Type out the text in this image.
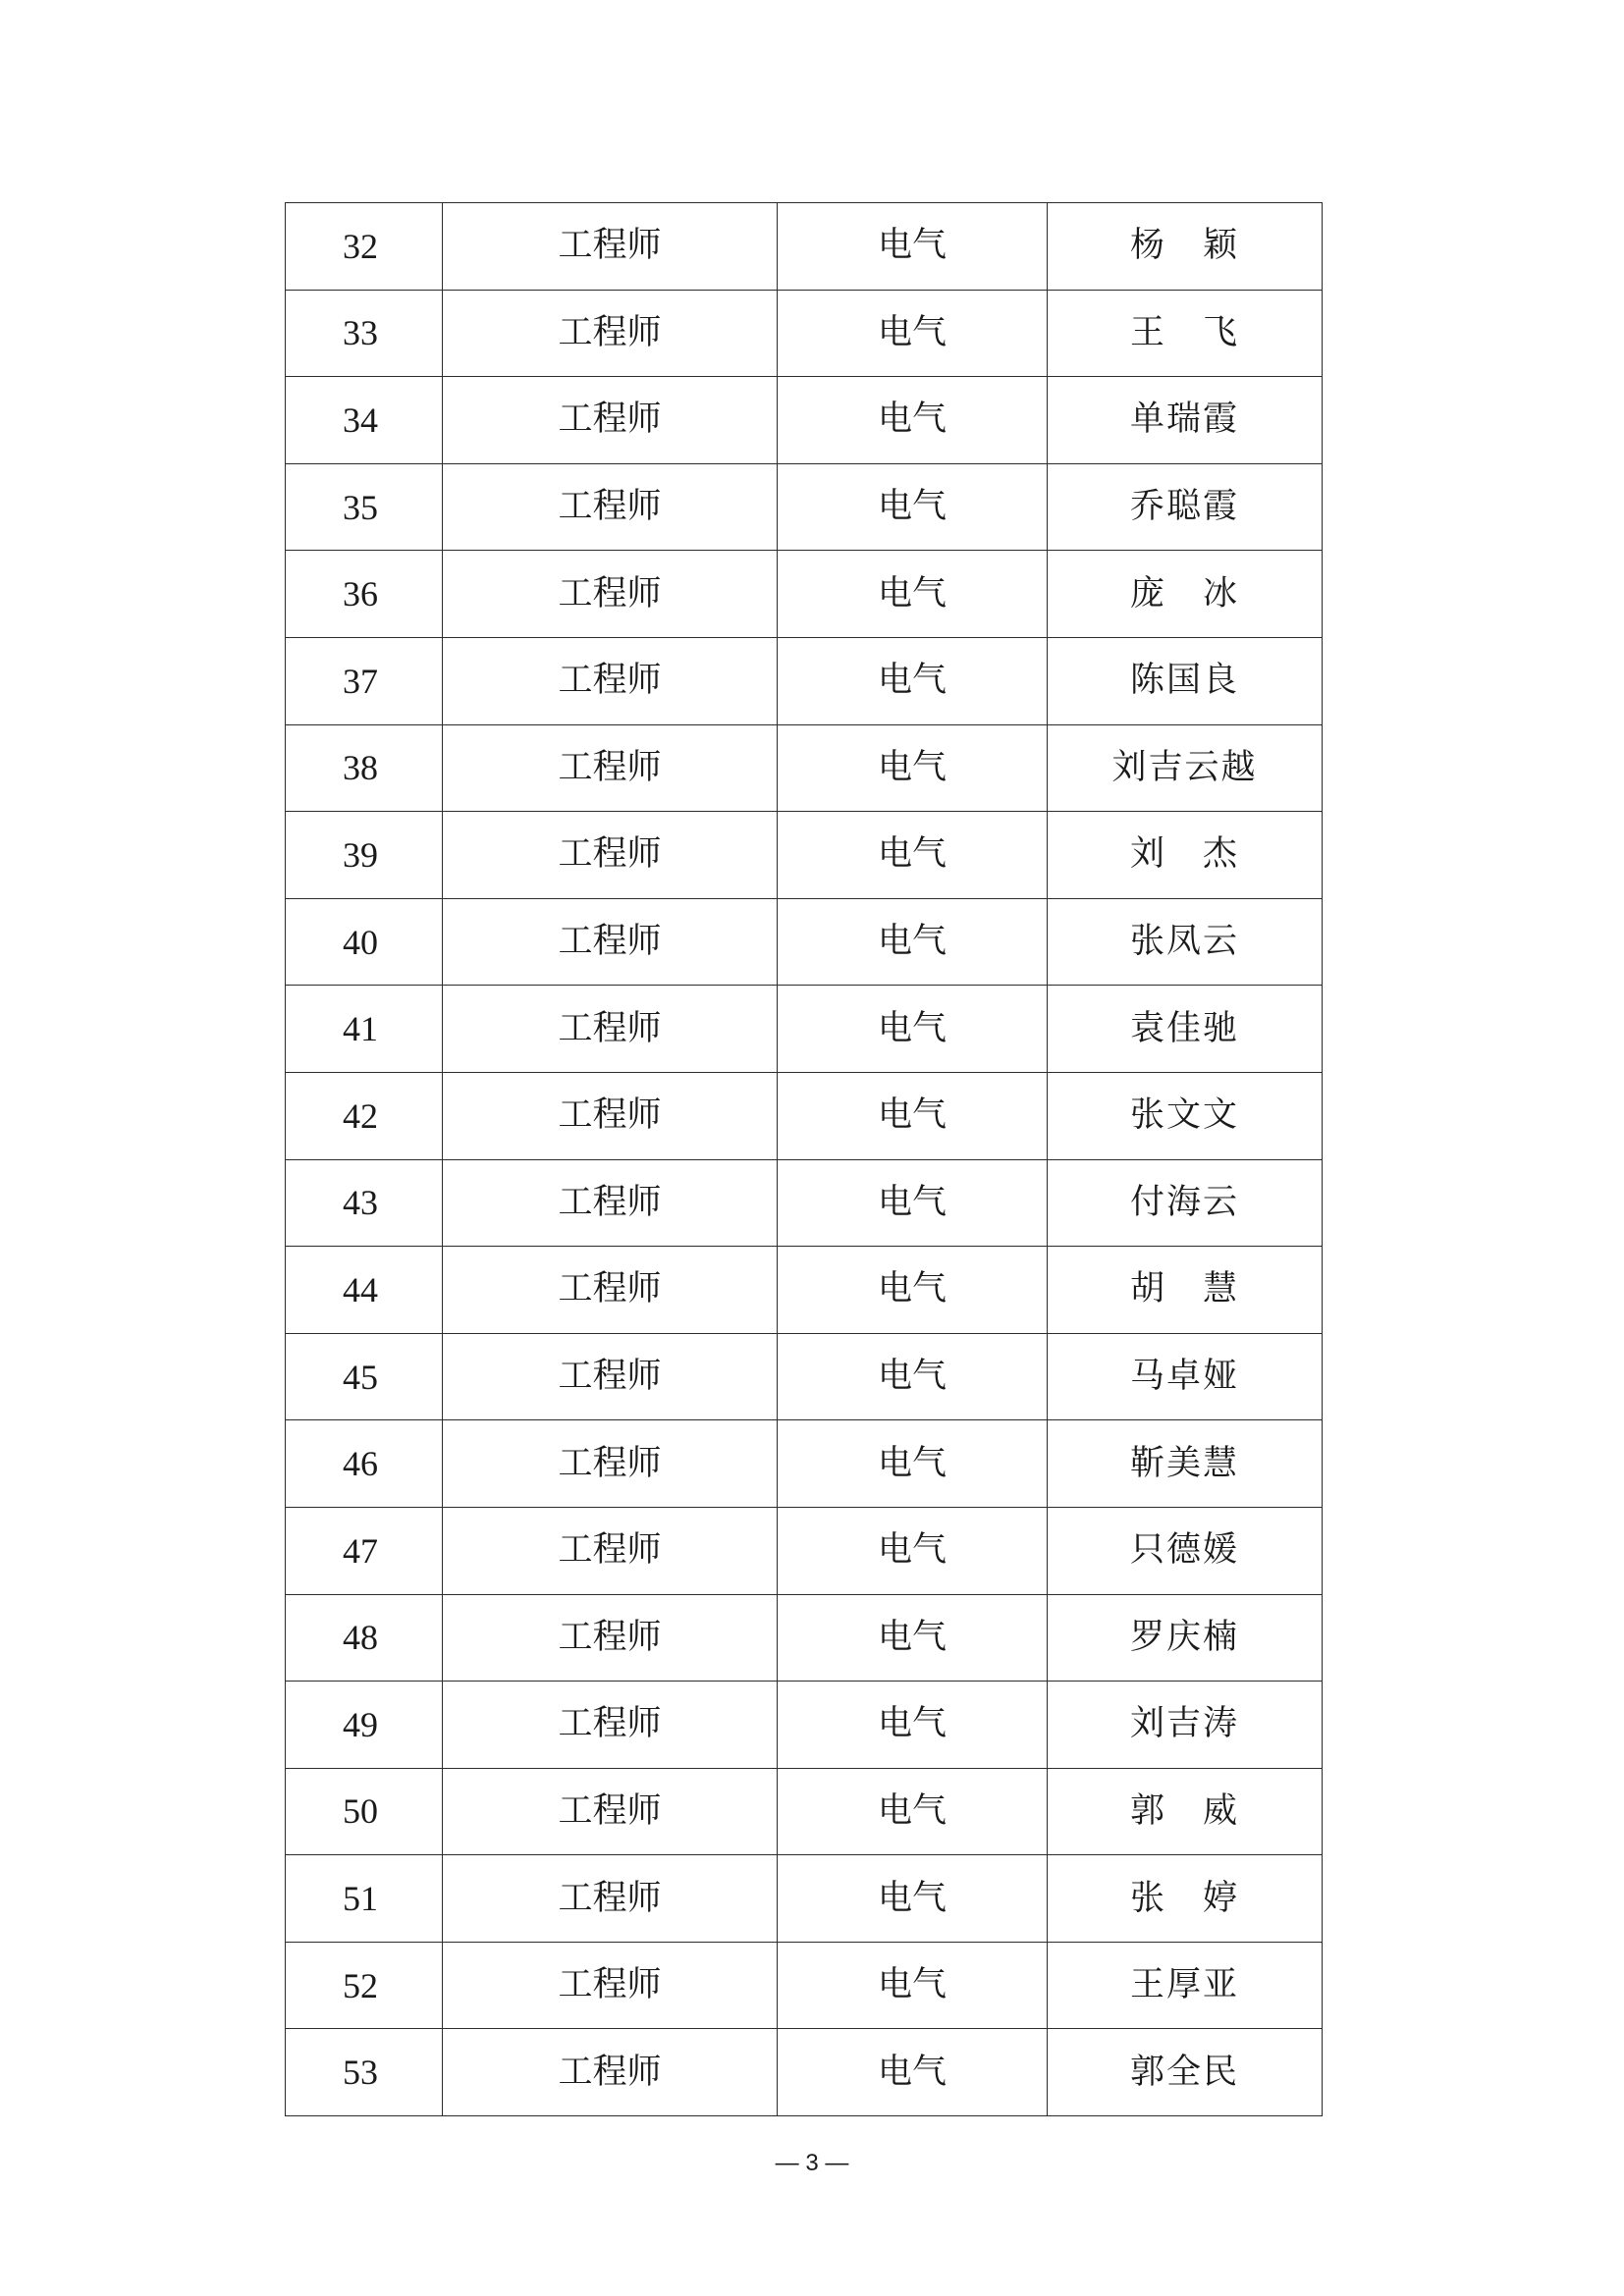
32	工程师	电气	杨　颖
33	工程师	电气	王　飞
34	工程师	电气	单瑞霞
35	工程师	电气	乔聪霞
36	工程师	电气	庞　冰
37	工程师	电气	陈国良
38	工程师	电气	刘吉云越
39	工程师	电气	刘　杰
40	工程师	电气	张凤云
41	工程师	电气	袁佳驰
42	工程师	电气	张文文
43	工程师	电气	付海云
44	工程师	电气	胡　慧
45	工程师	电气	马卓娅
46	工程师	电气	靳美慧
47	工程师	电气	只德媛
48	工程师	电气	罗庆楠
49	工程师	电气	刘吉涛
50	工程师	电气	郭　威
51	工程师	电气	张　婷
52	工程师	电气	王厚亚
53	工程师	电气	郭全民
— 3 —
